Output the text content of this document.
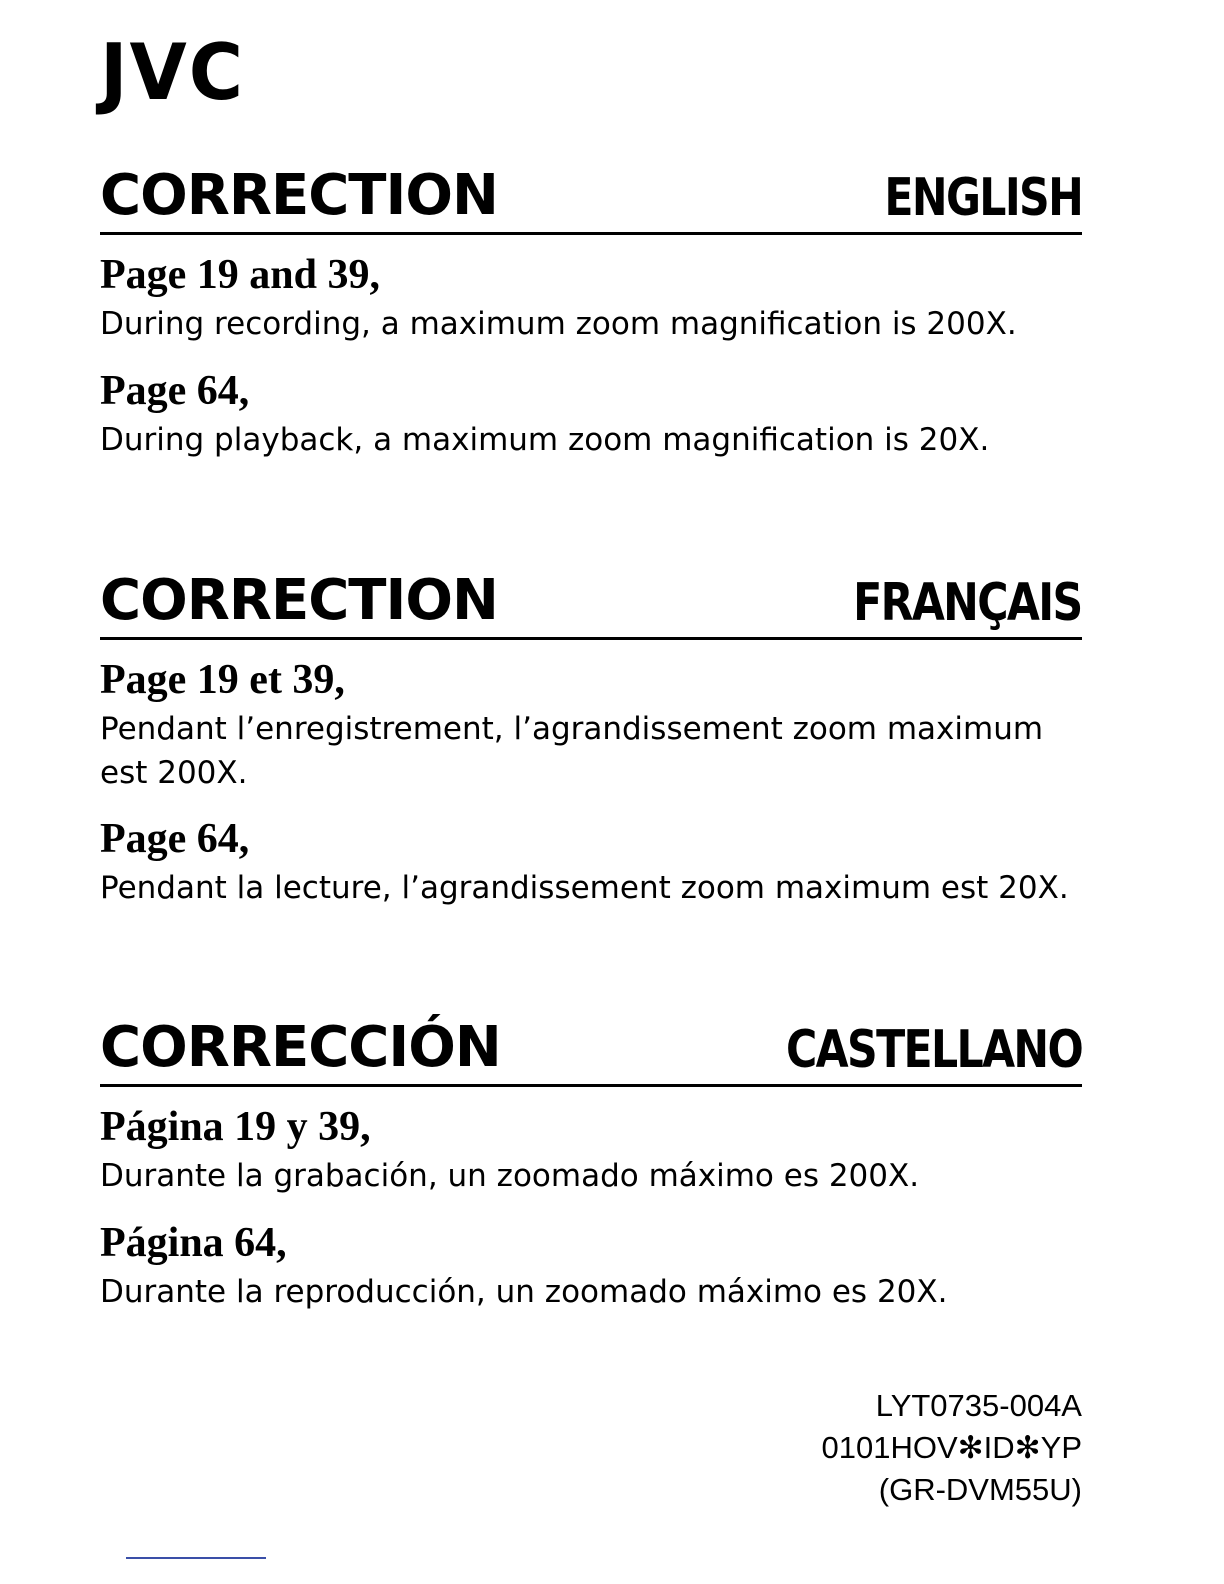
JVC
CORRECTION	ENGLISH
Page 19 and 39,
During recording, a maximum zoom magnification is 200X.
Page 64,
During playback, a maximum zoom magnification is 20X.
CORRECTION	FRANÇAIS
Page 19 et 39,
Pendant l’enregistrement, l’agrandissement zoom maximum est 200X.
Page 64,
Pendant la lecture, l’agrandissement zoom maximum est 20X.
CORRECCIÓN	CASTELLANO
Página 19 y 39,
Durante la grabación, un zoomado máximo es 200X.
Página 64,
Durante la reproducción, un zoomado máximo es 20X.
LYT0735-004A
0101HOV✻ID✻YP
(GR-DVM55U)
